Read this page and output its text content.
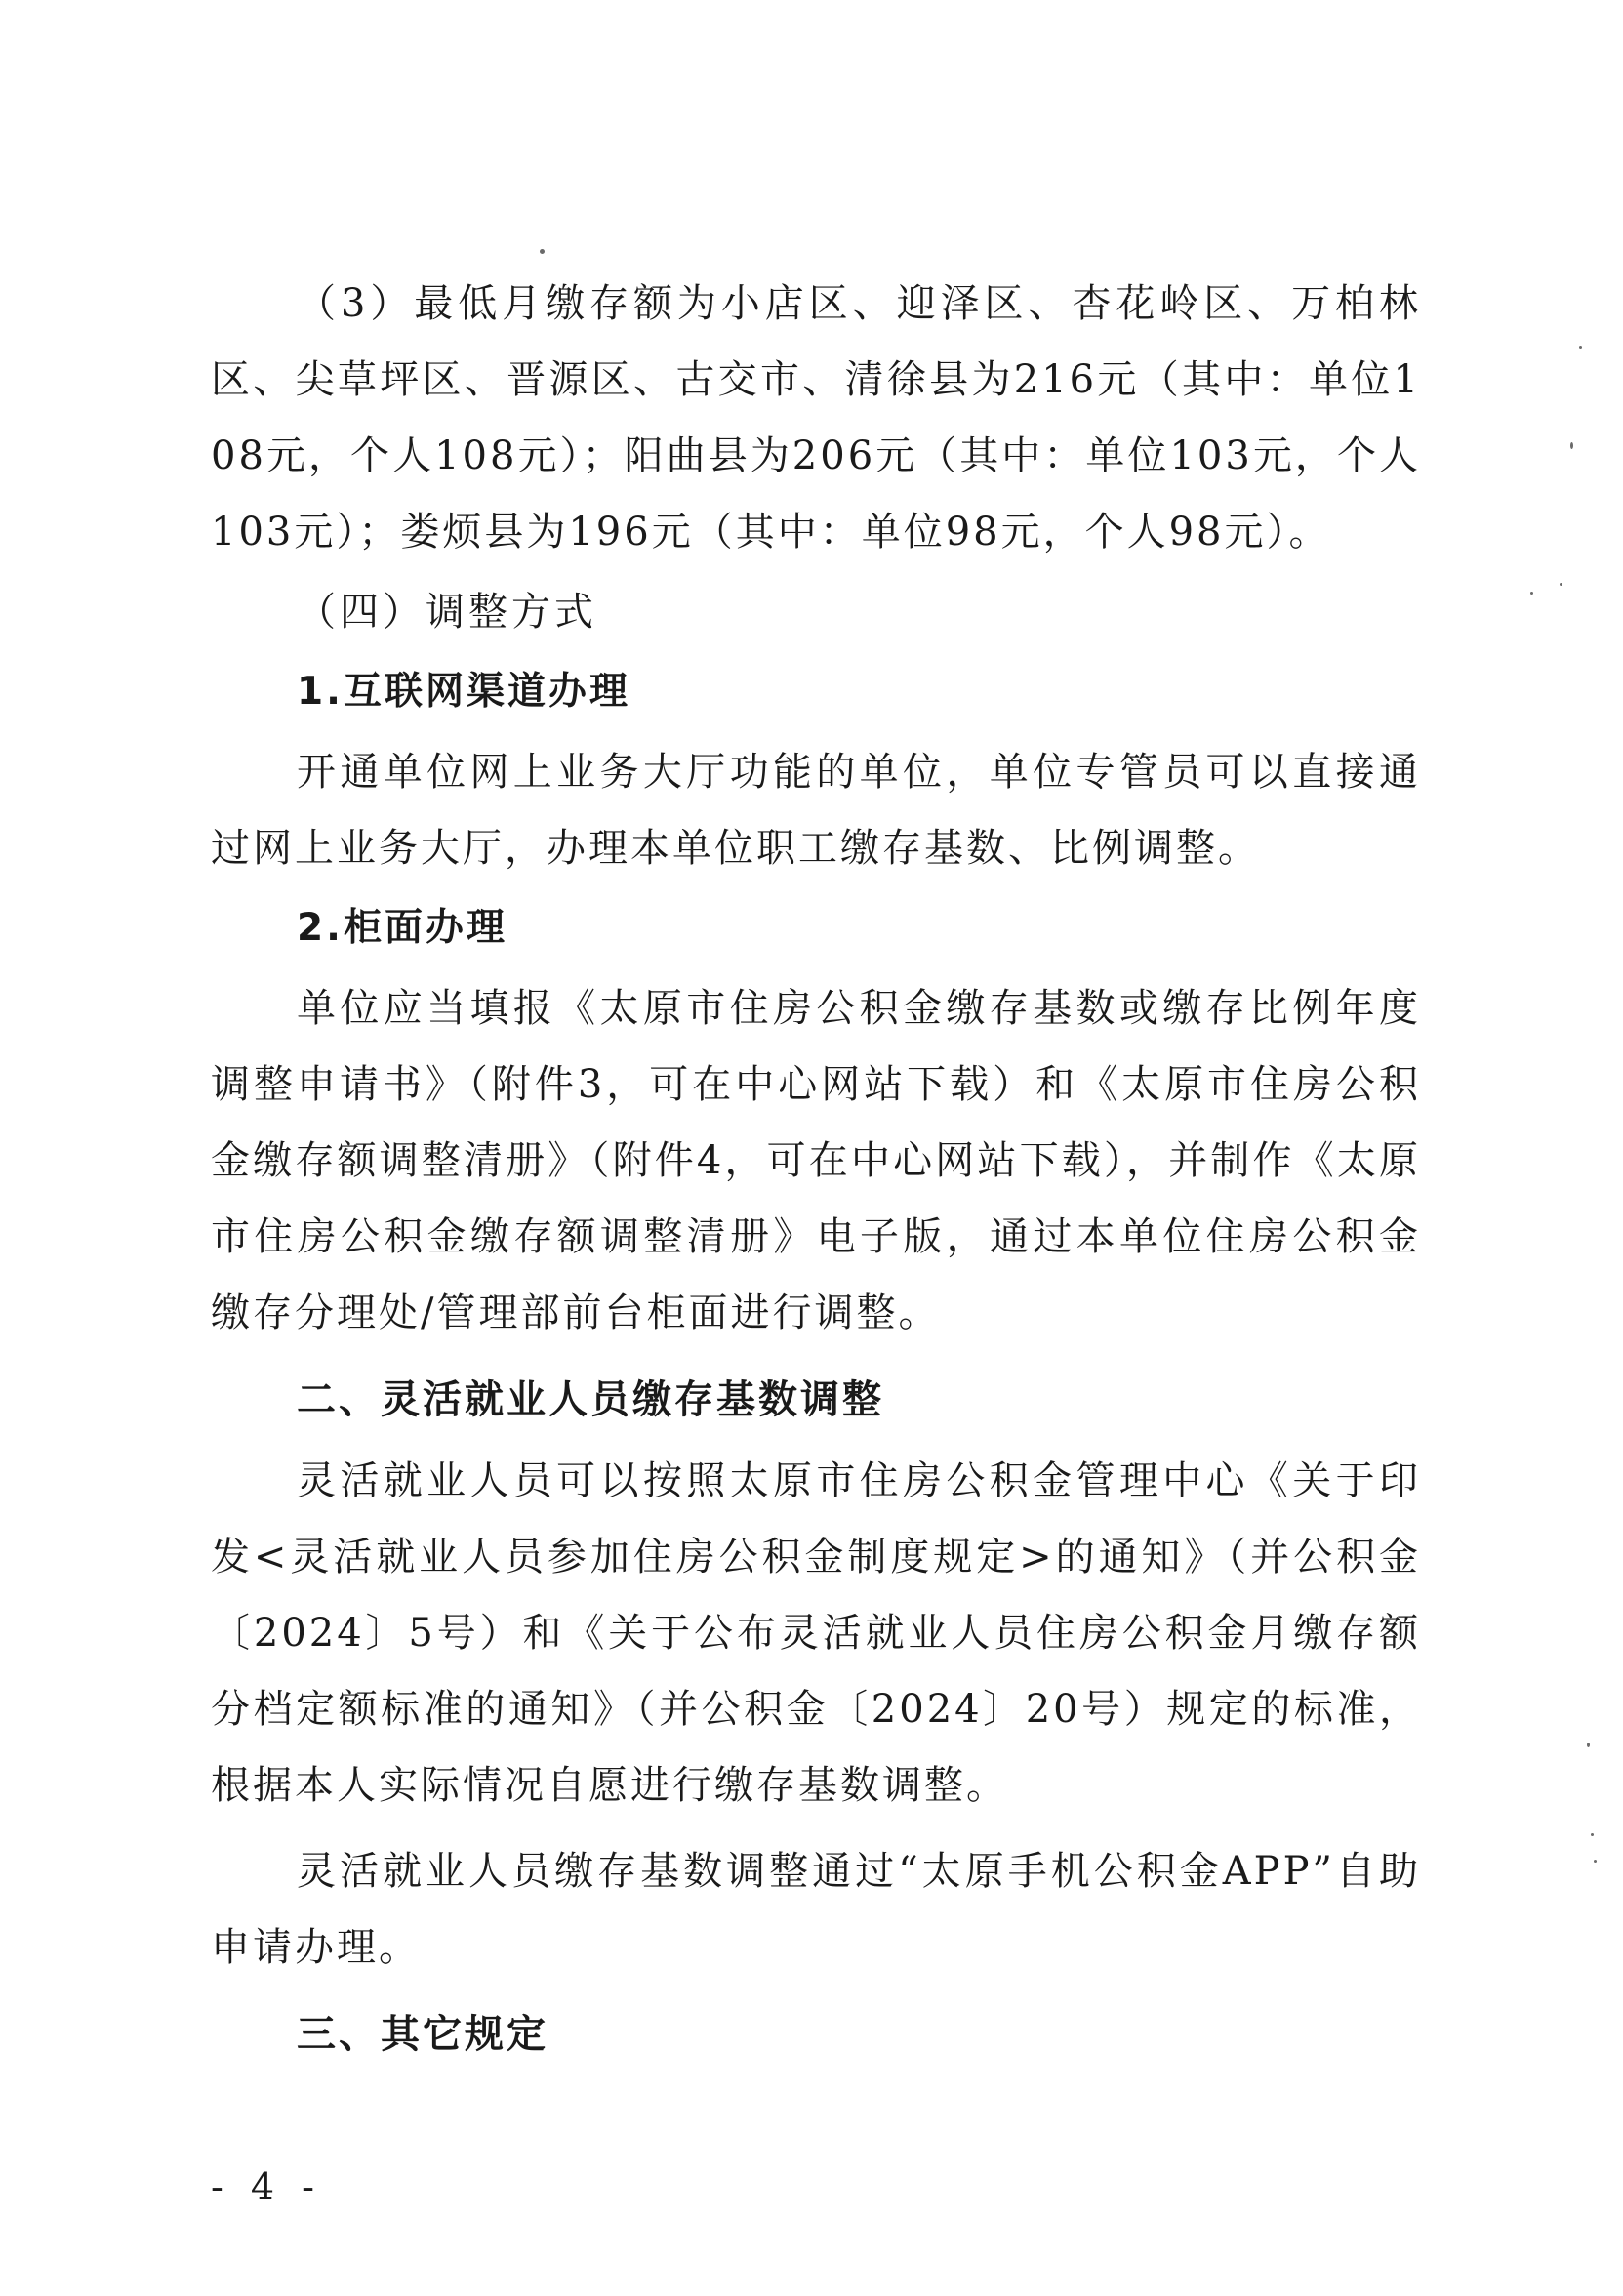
（3）最低月缴存额为小店区、迎泽区、杏花岭区、万柏林区、尖草坪区、晋源区、古交市、清徐县为216元（其中：单位108元，个人108元）；阳曲县为206元（其中：单位103元，个人103元）；娄烦县为196元（其中：单位98元，个人98元）。

（四）调整方式

1.互联网渠道办理

开通单位网上业务大厅功能的单位，单位专管员可以直接通过网上业务大厅，办理本单位职工缴存基数、比例调整。

2.柜面办理

单位应当填报《太原市住房公积金缴存基数或缴存比例年度调整申请书》（附件3，可在中心网站下载）和《太原市住房公积金缴存额调整清册》（附件4，可在中心网站下载），并制作《太原市住房公积金缴存额调整清册》电子版，通过本单位住房公积金缴存分理处/管理部前台柜面进行调整。

二、灵活就业人员缴存基数调整

灵活就业人员可以按照太原市住房公积金管理中心《关于印发<灵活就业人员参加住房公积金制度规定>的通知》（并公积金〔2024〕5号）和《关于公布灵活就业人员住房公积金月缴存额分档定额标准的通知》（并公积金〔2024〕20号）规定的标准，根据本人实际情况自愿进行缴存基数调整。

灵活就业人员缴存基数调整通过“太原手机公积金APP”自助申请办理。

三、其它规定

- 4 -
